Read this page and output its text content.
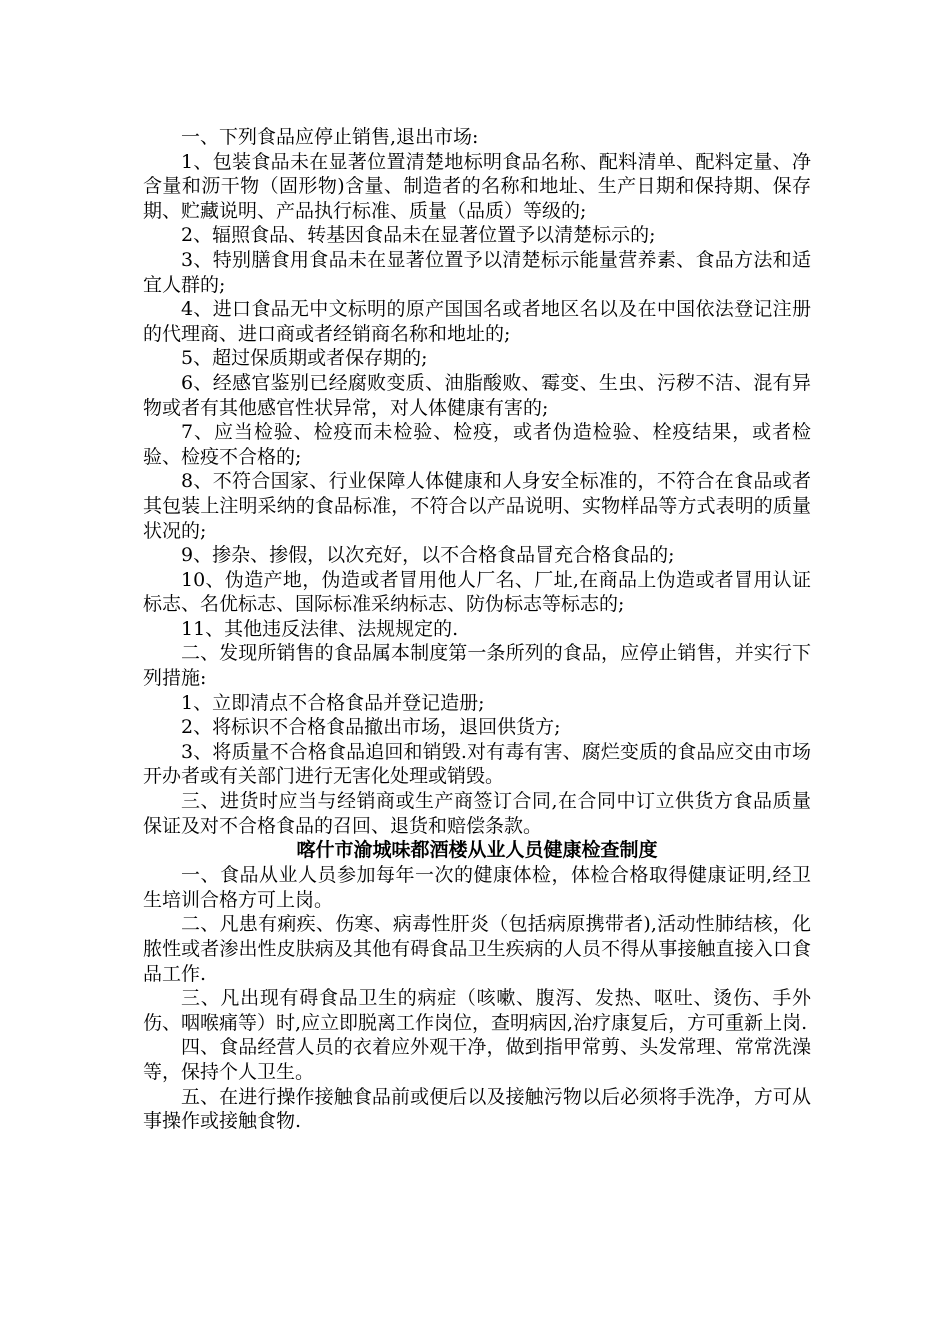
一、下列食品应停止销售,退出市场:

1、包装食品未在显著位置清楚地标明食品名称、配料清单、配料定量、净含量和沥干物（固形物)含量、制造者的名称和地址、生产日期和保持期、保存期、贮藏说明、产品执行标准、质量（品质）等级的;

2、辐照食品、转基因食品未在显著位置予以清楚标示的;

3、特别膳食用食品未在显著位置予以清楚标示能量营养素、食品方法和适宜人群的;

4、进口食品无中文标明的原产国国名或者地区名以及在中国依法登记注册的代理商、进口商或者经销商名称和地址的;

5、超过保质期或者保存期的;

6、经感官鉴别已经腐败变质、油脂酸败、霉变、生虫、污秽不洁、混有异物或者有其他感官性状异常，对人体健康有害的;

7、应当检验、检疫而未检验、检疫，或者伪造检验、栓疫结果，或者检验、检疫不合格的;

8、不符合国家、行业保障人体健康和人身安全标准的，不符合在食品或者其包装上注明采纳的食品标准，不符合以产品说明、实物样品等方式表明的质量状况的;

9、掺杂、掺假，以次充好，以不合格食品冒充合格食品的;

10、伪造产地，伪造或者冒用他人厂名、厂址,在商品上伪造或者冒用认证标志、名优标志、国际标准采纳标志、防伪标志等标志的;

11、其他违反法律、法规规定的.

二、发现所销售的食品属本制度第一条所列的食品，应停止销售，并实行下列措施:

1、立即清点不合格食品并登记造册;

2、将标识不合格食品撤出市场，退回供货方;

3、将质量不合格食品追回和销毁.对有毒有害、腐烂变质的食品应交由市场开办者或有关部门进行无害化处理或销毁。

三、进货时应当与经销商或生产商签订合同,在合同中订立供货方食品质量保证及对不合格食品的召回、退货和赔偿条款。

喀什市渝城味都酒楼从业人员健康检查制度

一、食品从业人员参加每年一次的健康体检，体检合格取得健康证明,经卫生培训合格方可上岗。

二、凡患有痢疾、伤寒、病毒性肝炎（包括病原携带者),活动性肺结核，化脓性或者渗出性皮肤病及其他有碍食品卫生疾病的人员不得从事接触直接入口食品工作.

三、凡出现有碍食品卫生的病症（咳嗽、腹泻、发热、呕吐、烫伤、手外伤、咽喉痛等）时,应立即脱离工作岗位，查明病因,治疗康复后，方可重新上岗.

四、食品经营人员的衣着应外观干净，做到指甲常剪、头发常理、常常洗澡等，保持个人卫生。

五、在进行操作接触食品前或便后以及接触污物以后必须将手洗净，方可从事操作或接触食物.
